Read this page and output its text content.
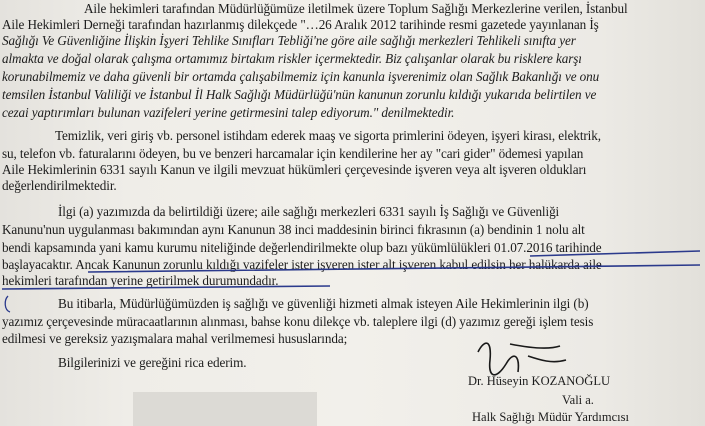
Aile hekimleri tarafından Müdürlüğümüze iletilmek üzere Toplum Sağlığı Merkezlerine verilen, İstanbul
Aile Hekimleri Derneği tarafından hazırlanmış dilekçede "…26 Aralık 2012 tarihinde resmi gazetede yayınlanan İş
Sağlığı Ve Güvenliğine İlişkin İşyeri Tehlike Sınıfları Tebliği'ne göre aile sağlığı merkezleri Tehlikeli sınıfta yer
almakta ve doğal olarak çalışma ortamımız birtakım riskler içermektedir. Biz çalışanlar olarak bu risklere karşı
korunabilmemiz ve daha güvenli bir ortamda çalışabilmemiz için kanunla işverenimiz olan Sağlık Bakanlığı ve onu
temsilen İstanbul Valiliği ve İstanbul İl Halk Sağlığı Müdürlüğü'nün kanunun zorunlu kıldığı yukarıda belirtilen ve
cezai yaptırımları bulunan vazifeleri yerine getirmesini talep ediyorum." denilmektedir.
Temizlik, veri giriş vb. personel istihdam ederek maaş ve sigorta primlerini ödeyen, işyeri kirası, elektrik,
su, telefon vb. faturalarını ödeyen, bu ve benzeri harcamalar için kendilerine her ay "cari gider" ödemesi yapılan
Aile Hekimlerinin 6331 sayılı Kanun ve ilgili mevzuat hükümleri çerçevesinde işveren veya alt işveren oldukları
değerlendirilmektedir.
İlgi (a) yazımızda da belirtildiği üzere; aile sağlığı merkezleri 6331 sayılı İş Sağlığı ve Güvenliği
Kanunu'nun uygulanması bakımından aynı Kanunun 38 inci maddesinin birinci fıkrasının (a) bendinin 1 nolu alt
bendi kapsamında yani kamu kurumu niteliğinde değerlendirilmekte olup bazı yükümlülükleri 01.07.2016 tarihinde
başlayacaktır. Ancak Kanunun zorunlu kıldığı vazifeler ister işveren ister alt işveren kabul edilsin her halükarda aile
hekimleri tarafından yerine getirilmek durumundadır.
Bu itibarla, Müdürlüğümüzden iş sağlığı ve güvenliği hizmeti almak isteyen Aile Hekimlerinin ilgi (b)
yazımız çerçevesinde müracaatlarının alınması, bahse konu dilekçe vb. taleplere ilgi (d) yazımız gereği işlem tesis
edilmesi ve gereksiz yazışmalara mahal verilmemesi hususlarında;
Bilgilerinizi ve gereğini rica ederim.
Dr. Hüseyin KOZANOĞLU
Vali a.
Halk Sağlığı Müdür Yardımcısı
